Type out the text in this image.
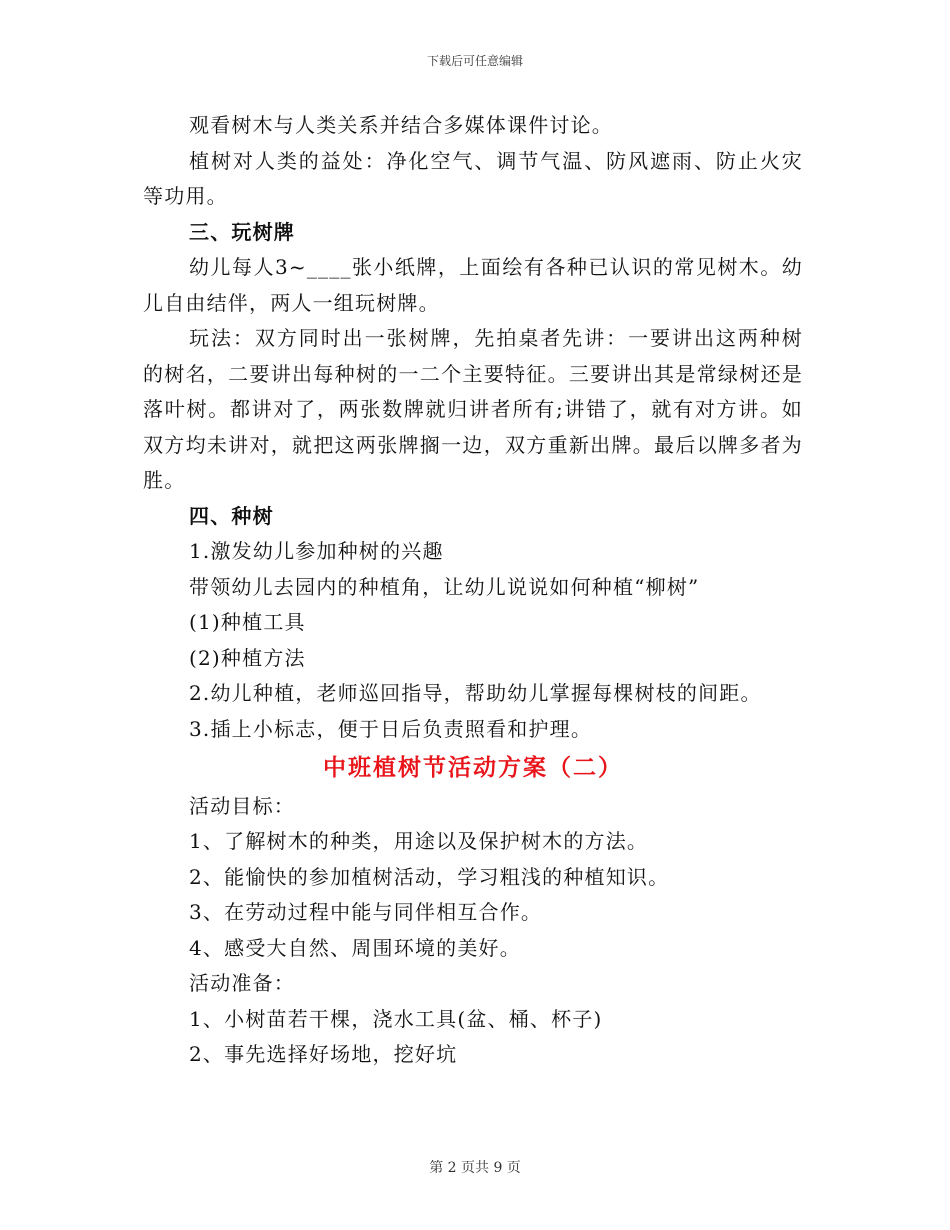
下载后可任意编辑

观看树木与人类关系并结合多媒体课件讨论。

植树对人类的益处：净化空气、调节气温、防风遮雨、防止火灾等功用。

三、玩树牌

幼儿每人3~____张小纸牌，上面绘有各种已认识的常见树木。幼儿自由结伴，两人一组玩树牌。

玩法：双方同时出一张树牌，先拍桌者先讲：一要讲出这两种树的树名，二要讲出每种树的一二个主要特征。三要讲出其是常绿树还是落叶树。都讲对了，两张数牌就归讲者所有;讲错了，就有对方讲。如双方均未讲对，就把这两张牌搁一边，双方重新出牌。最后以牌多者为胜。

四、种树

1.激发幼儿参加种树的兴趣

带领幼儿去园内的种植角，让幼儿说说如何种植“柳树”

(1)种植工具

(2)种植方法

2.幼儿种植，老师巡回指导，帮助幼儿掌握每棵树枝的间距。

3.插上小标志，便于日后负责照看和护理。

中班植树节活动方案（二）

活动目标：

1、了解树木的种类，用途以及保护树木的方法。

2、能愉快的参加植树活动，学习粗浅的种植知识。

3、在劳动过程中能与同伴相互合作。

4、感受大自然、周围环境的美好。

活动准备：

1、小树苗若干棵，浇水工具(盆、桶、杯子)

2、事先选择好场地，挖好坑

第 2 页共 9 页
